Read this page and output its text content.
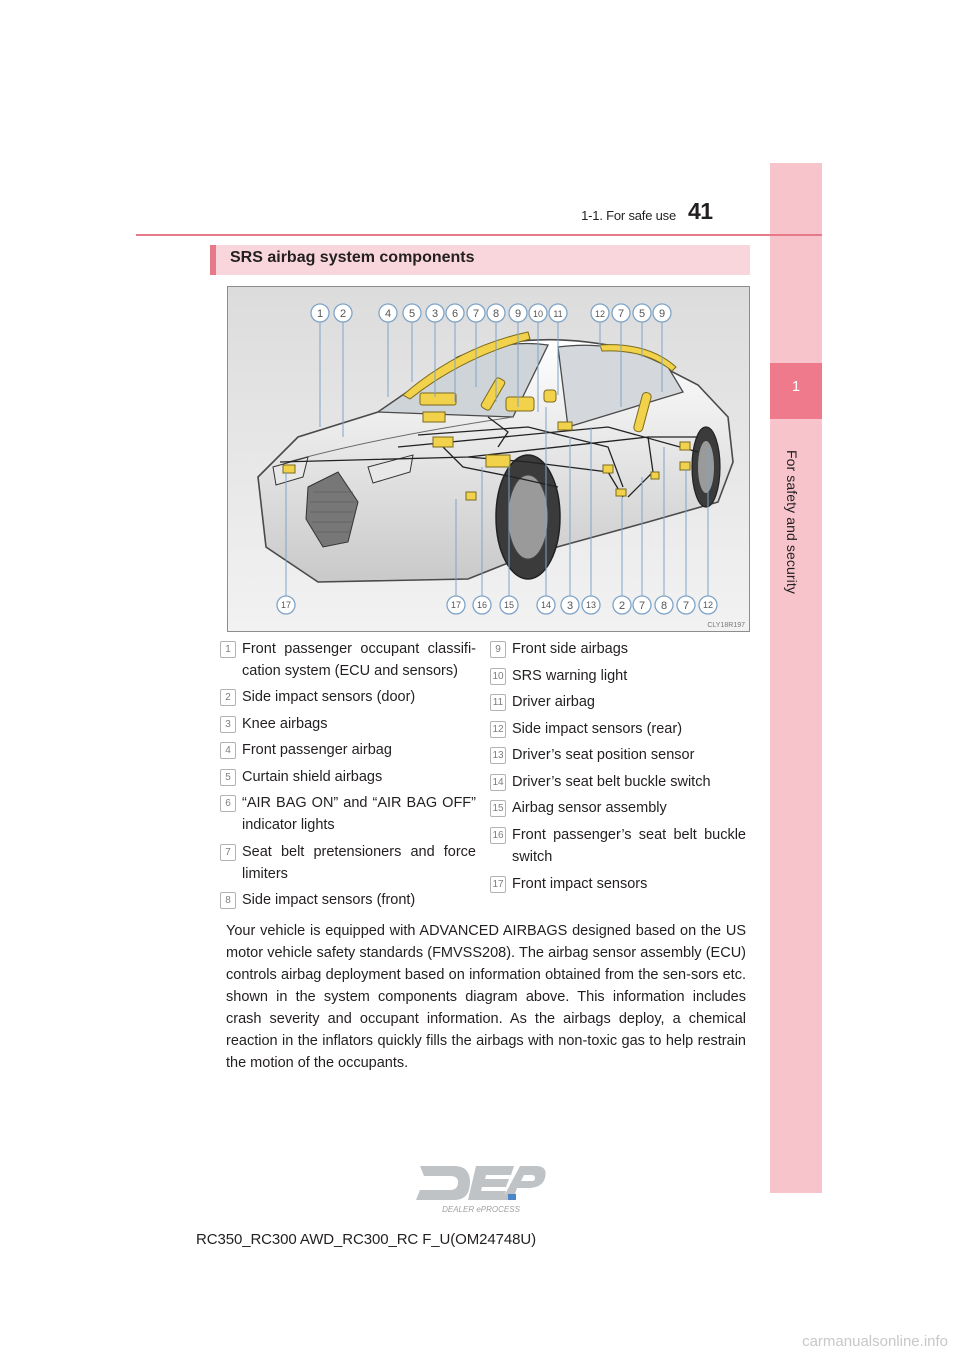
1-1. For safe use 41
1
For safety and security
SRS airbag system components
1 2	4 5 3 6 7 8 9 10 11	12 7 5 9
17	17 16 15	14 3 13 2 7 8 7 12
CLY18R197
1 Front passenger occupant classifi-cation system (ECU and sensors)
2 Side impact sensors (door)
3 Knee airbags
4 Front passenger airbag
5 Curtain shield airbags
6 “AIR BAG ON” and “AIR BAG OFF” indicator lights
7 Seat belt pretensioners and force limiters
8 Side impact sensors (front)
9 Front side airbags
10 SRS warning light
11 Driver airbag
12 Side impact sensors (rear)
13 Driver’s seat position sensor
14 Driver’s seat belt buckle switch
15 Airbag sensor assembly
16 Front passenger’s seat belt buckle switch
17 Front impact sensors
Your vehicle is equipped with ADVANCED AIRBAGS designed based on the US motor vehicle safety standards (FMVSS208). The airbag sensor assembly (ECU) controls airbag deployment based on information obtained from the sen-sors etc. shown in the system components diagram above. This information includes crash severity and occupant information. As the airbags deploy, a chemical reaction in the inflators quickly fills the airbags with non-toxic gas to help restrain the motion of the occupants.
DEALER ePROCESS
RC350_RC300 AWD_RC300_RC F_U(OM24748U)
carmanualsonline.info
